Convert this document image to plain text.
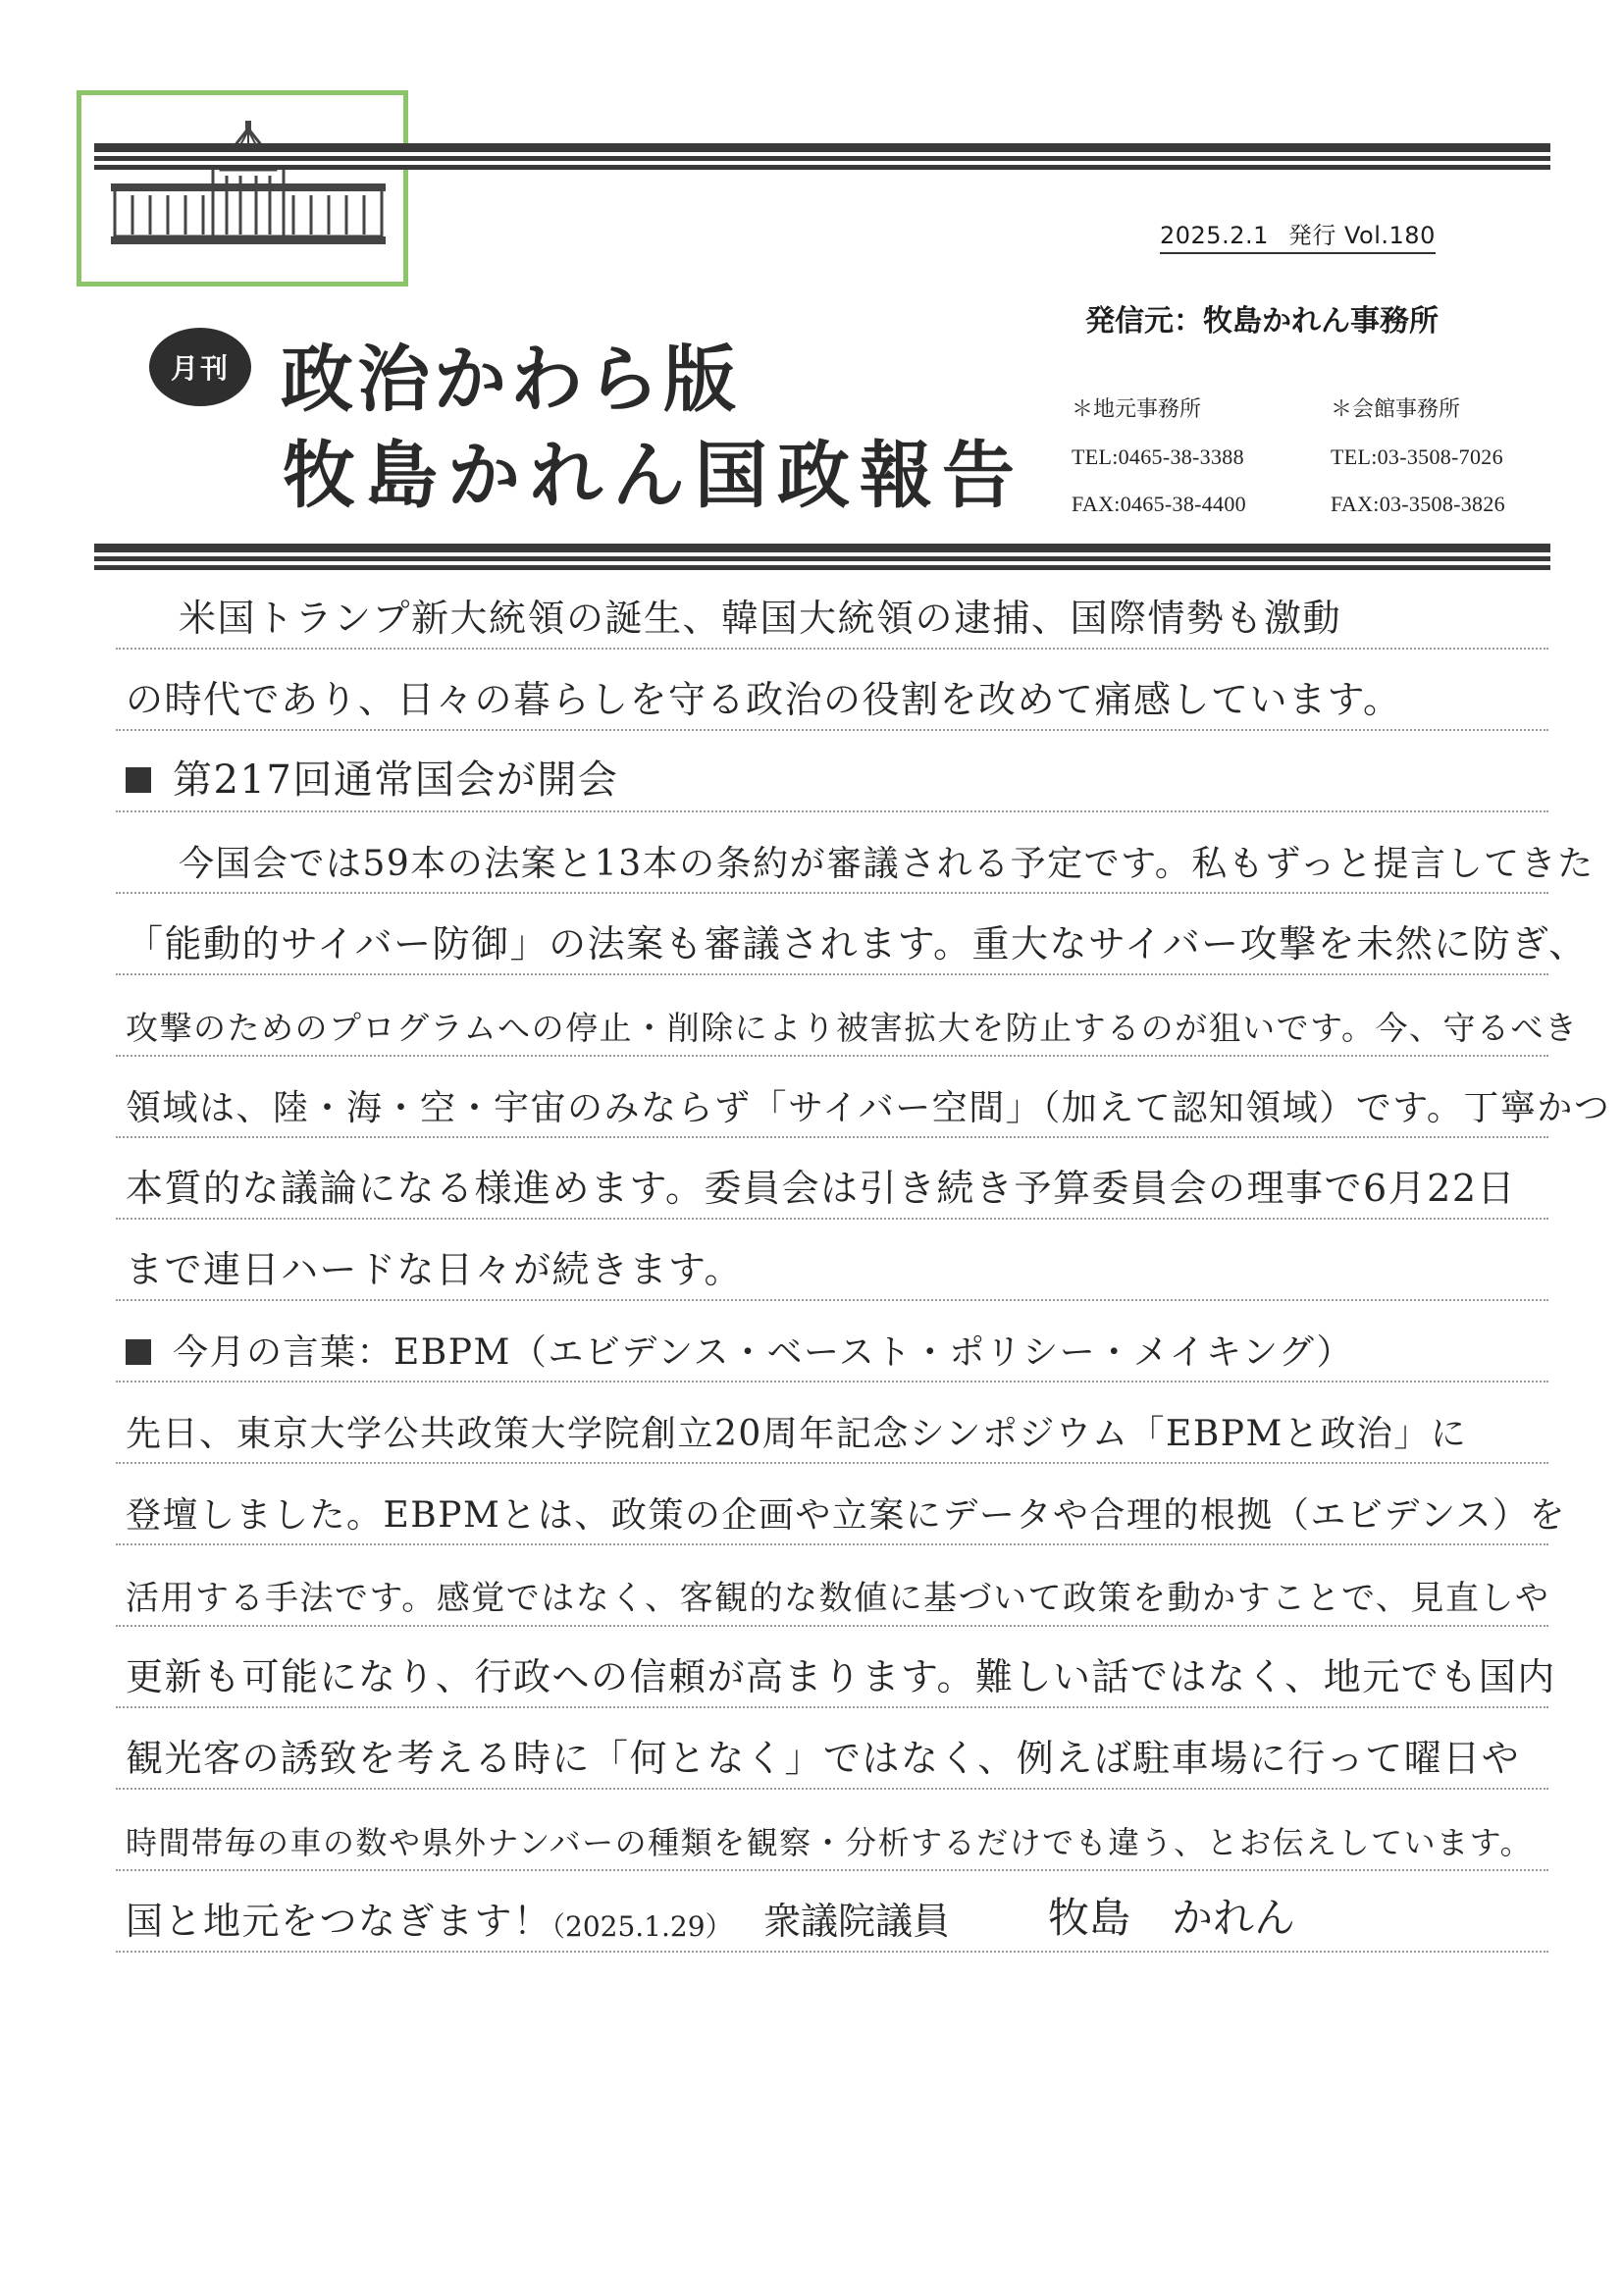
2025.2.1 発行 Vol.180
発信元：牧島かれん事務所
月刊 政治かわら版
牧島かれん国政報告
＊地元事務所
TEL:0465-38-3388
FAX:0465-38-4400
＊会館事務所
TEL:03-3508-7026
FAX:03-3508-3826
米国トランプ新大統領の誕生、韓国大統領の逮捕、国際情勢も激動
の時代であり、日々の暮らしを守る政治の役割を改めて痛感しています。
第217回通常国会が開会
今国会では59本の法案と13本の条約が審議される予定です。私もずっと提言してきた
「能動的サイバー防御」の法案も審議されます。重大なサイバー攻撃を未然に防ぎ、
攻撃のためのプログラムへの停止・削除により被害拡大を防止するのが狙いです。今、守るべき
領域は、陸・海・空・宇宙のみならず「サイバー空間」（加えて認知領域）です。丁寧かつ
本質的な議論になる様進めます。委員会は引き続き予算委員会の理事で6月22日
まで連日ハードな日々が続きます。
今月の言葉：EBPM（エビデンス・ベースト・ポリシー・メイキング）
先日、東京大学公共政策大学院創立20周年記念シンポジウム「EBPMと政治」に
登壇しました。EBPMとは、政策の企画や立案にデータや合理的根拠（エビデンス）を
活用する手法です。感覚ではなく、客観的な数値に基づいて政策を動かすことで、見直しや
更新も可能になり、行政への信頼が高まります。難しい話ではなく、地元でも国内
観光客の誘致を考える時に「何となく」ではなく、例えば駐車場に行って曜日や
時間帯毎の車の数や県外ナンバーの種類を観察・分析するだけでも違う、とお伝えしています。
国と地元をつなぎます！
（2025.1.29） 衆議院議員 牧島　かれん
